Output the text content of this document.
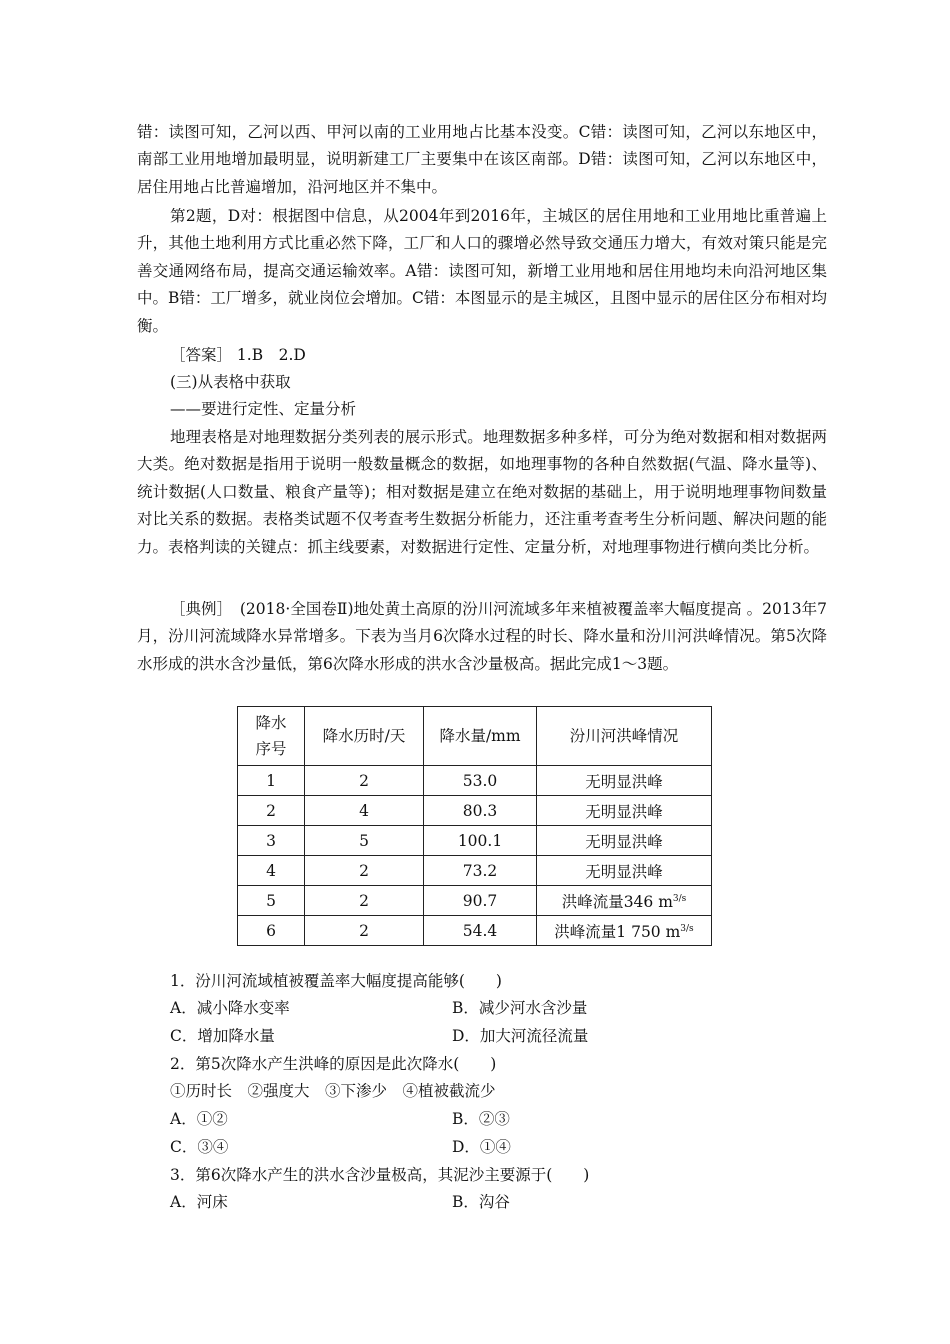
错：读图可知，乙河以西、甲河以南的工业用地占比基本没变。C错：读图可知，乙河以东地区中，南部工业用地增加最明显，说明新建工厂主要集中在该区南部。D错：读图可知，乙河以东地区中，居住用地占比普遍增加，沿河地区并不集中。

第2题，D对：根据图中信息，从2004年到2016年，主城区的居住用地和工业用地比重普遍上升，其他土地利用方式比重必然下降，工厂和人口的骤增必然导致交通压力增大，有效对策只能是完善交通网络布局，提高交通运输效率。A错：读图可知，新增工业用地和居住用地均未向沿河地区集中。B错：工厂增多，就业岗位会增加。C错：本图显示的是主城区，且图中显示的居住区分布相对均衡。

［答案］ 1.B　2.D
(三)从表格中获取
——要进行定性、定量分析

地理表格是对地理数据分类列表的展示形式。地理数据多种多样，可分为绝对数据和相对数据两大类。绝对数据是指用于说明一般数量概念的数据，如地理事物的各种自然数据(气温、降水量等)、统计数据(人口数量、粮食产量等)；相对数据是建立在绝对数据的基础上，用于说明地理事物间数量对比关系的数据。表格类试题不仅考查考生数据分析能力，还注重考查考生分析问题、解决问题的能力。表格判读的关键点：抓主线要素，对数据进行定性、定量分析，对地理事物进行横向类比分析。

［典例］　(2018·全国卷Ⅱ)地处黄土高原的汾川河流域多年来植被覆盖率大幅度提高 。2013年7月，汾川河流域降水异常增多。下表为当月6次降水过程的时长、降水量和汾川河洪峰情况。第5次降水形成的洪水含沙量低，第6次降水形成的洪水含沙量极高。据此完成1～3题。

降水序号	降水历时/天	降水量/mm	汾川河洪峰情况
1	2	53.0	无明显洪峰
2	4	80.3	无明显洪峰
3	5	100.1	无明显洪峰
4	2	73.2	无明显洪峰
5	2	90.7	洪峰流量346 $m^{3/s}$
6	2	54.4	洪峰流量1 750 $m^{3/s}$
1．汾川河流域植被覆盖率大幅度提高能够(　　)
A．减小降水变率	B．减少河水含沙量
C．增加降水量	D．加大河流径流量
2．第5次降水产生洪峰的原因是此次降水(　　)
①历时长　②强度大　③下渗少　④植被截流少
A．①②	B．②③
C．③④	D．①④
3．第6次降水产生的洪水含沙量极高，其泥沙主要源于(　　)
A．河床	B．沟谷
